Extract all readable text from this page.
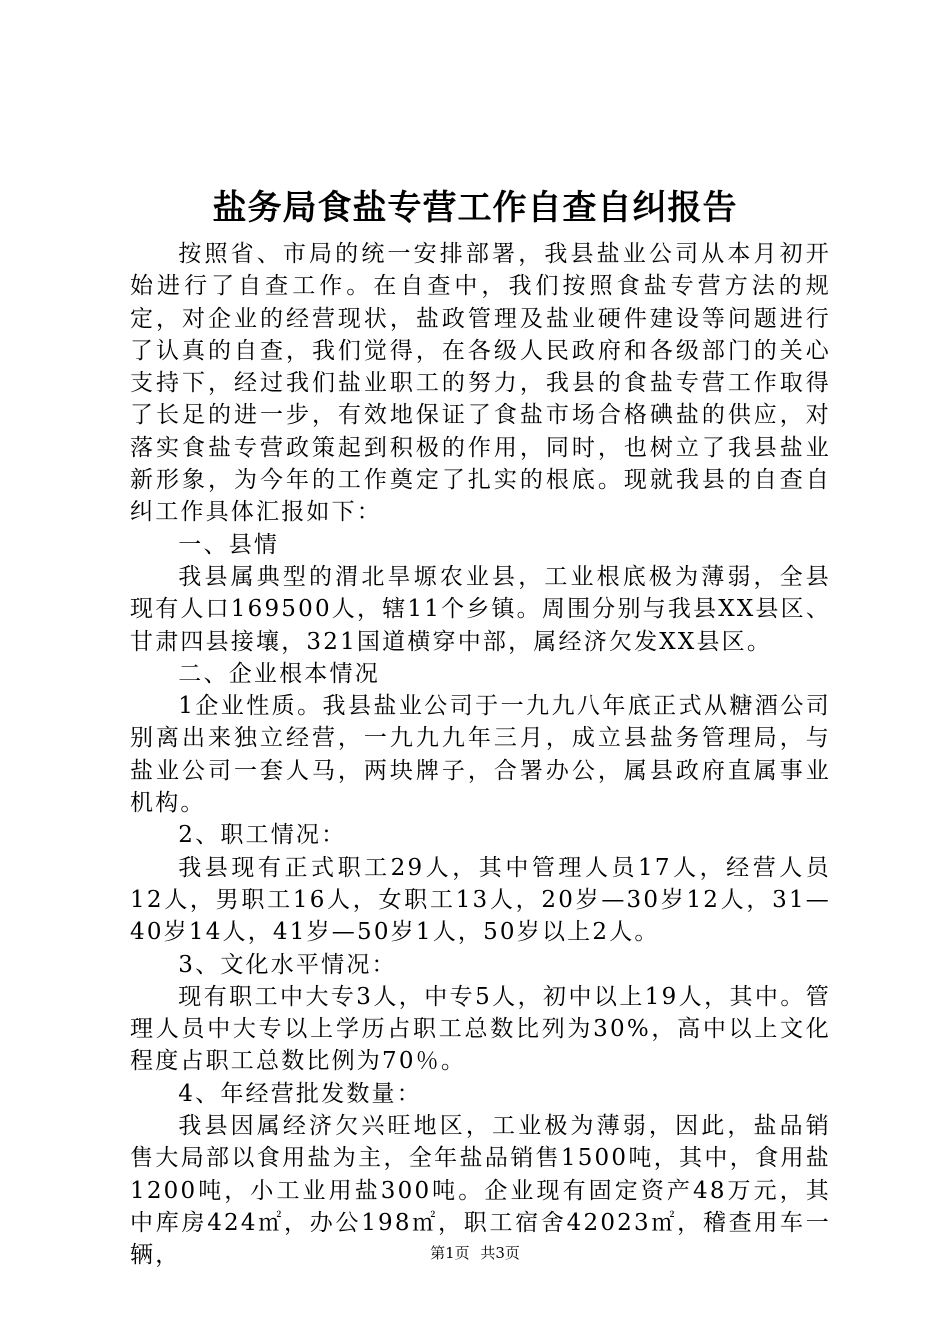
盐务局食盐专营工作自查自纠报告

按照省、市局的统一安排部署，我县盐业公司从本月初开始进行了自查工作。在自查中，我们按照食盐专营方法的规定，对企业的经营现状，盐政管理及盐业硬件建设等问题进行了认真的自查，我们觉得，在各级人民政府和各级部门的关心支持下，经过我们盐业职工的努力，我县的食盐专营工作取得了长足的进一步，有效地保证了食盐市场合格碘盐的供应，对落实食盐专营政策起到积极的作用，同时，也树立了我县盐业新形象，为今年的工作奠定了扎实的根底。现就我县的自查自纠工作具体汇报如下：

一、县情

我县属典型的渭北旱塬农业县，工业根底极为薄弱，全县现有人口169500人，辖11个乡镇。周围分别与我县XX县区、甘肃四县接壤，321国道横穿中部，属经济欠发XX县区。

二、企业根本情况

1企业性质。我县盐业公司于一九九八年底正式从糖酒公司别离出来独立经营，一九九九年三月，成立县盐务管理局，与盐业公司一套人马，两块牌子，合署办公，属县政府直属事业机构。

2、职工情况：

我县现有正式职工29人，其中管理人员17人，经营人员12人，男职工16人，女职工13人，20岁—30岁12人，31—40岁14人，41岁—50岁1人，50岁以上2人。

3、文化水平情况：

现有职工中大专3人，中专5人，初中以上19人，其中。管理人员中大专以上学历占职工总数比列为30%，高中以上文化程度占职工总数比例为70％。

4、年经营批发数量：

我县因属经济欠兴旺地区，工业极为薄弱，因此，盐品销售大局部以食用盐为主，全年盐品销售1500吨，其中，食用盐1200吨，小工业用盐300吨。企业现有固定资产48万元，其中库房424㎡，办公198㎡，职工宿舍42023㎡，稽查用车一辆，	第1页 共3页
